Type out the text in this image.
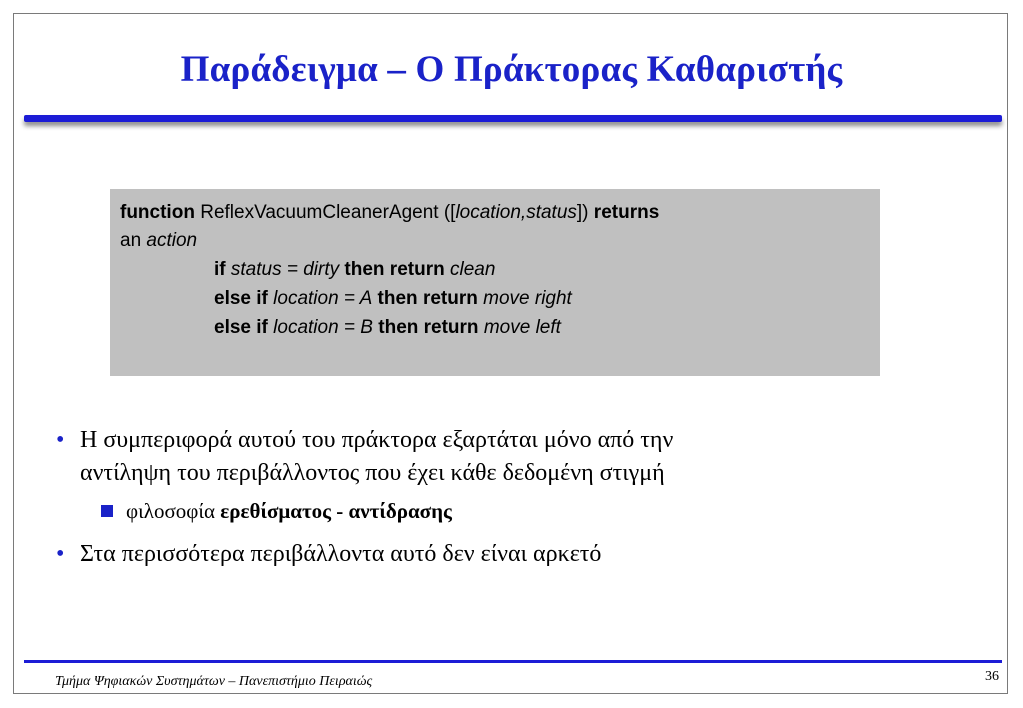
Παράδειγμα – Ο Πράκτορας Καθαριστής
function ReflexVacuumCleanerAgent ([location,status]) returns
an action
if status = dirty then return clean
else if location = A then return move right
else if location = B then return move left
• Η συμπεριφορά αυτού του πράκτορα εξαρτάται μόνο από την
αντίληψη του περιβάλλοντος που έχει κάθε δεδομένη στιγμή
φιλοσοφία ερεθίσματος - αντίδρασης
• Στα περισσότερα περιβάλλοντα αυτό δεν είναι αρκετό
Τμήμα Ψηφιακών Συστημάτων – Πανεπιστήμιο Πειραιώς	36
